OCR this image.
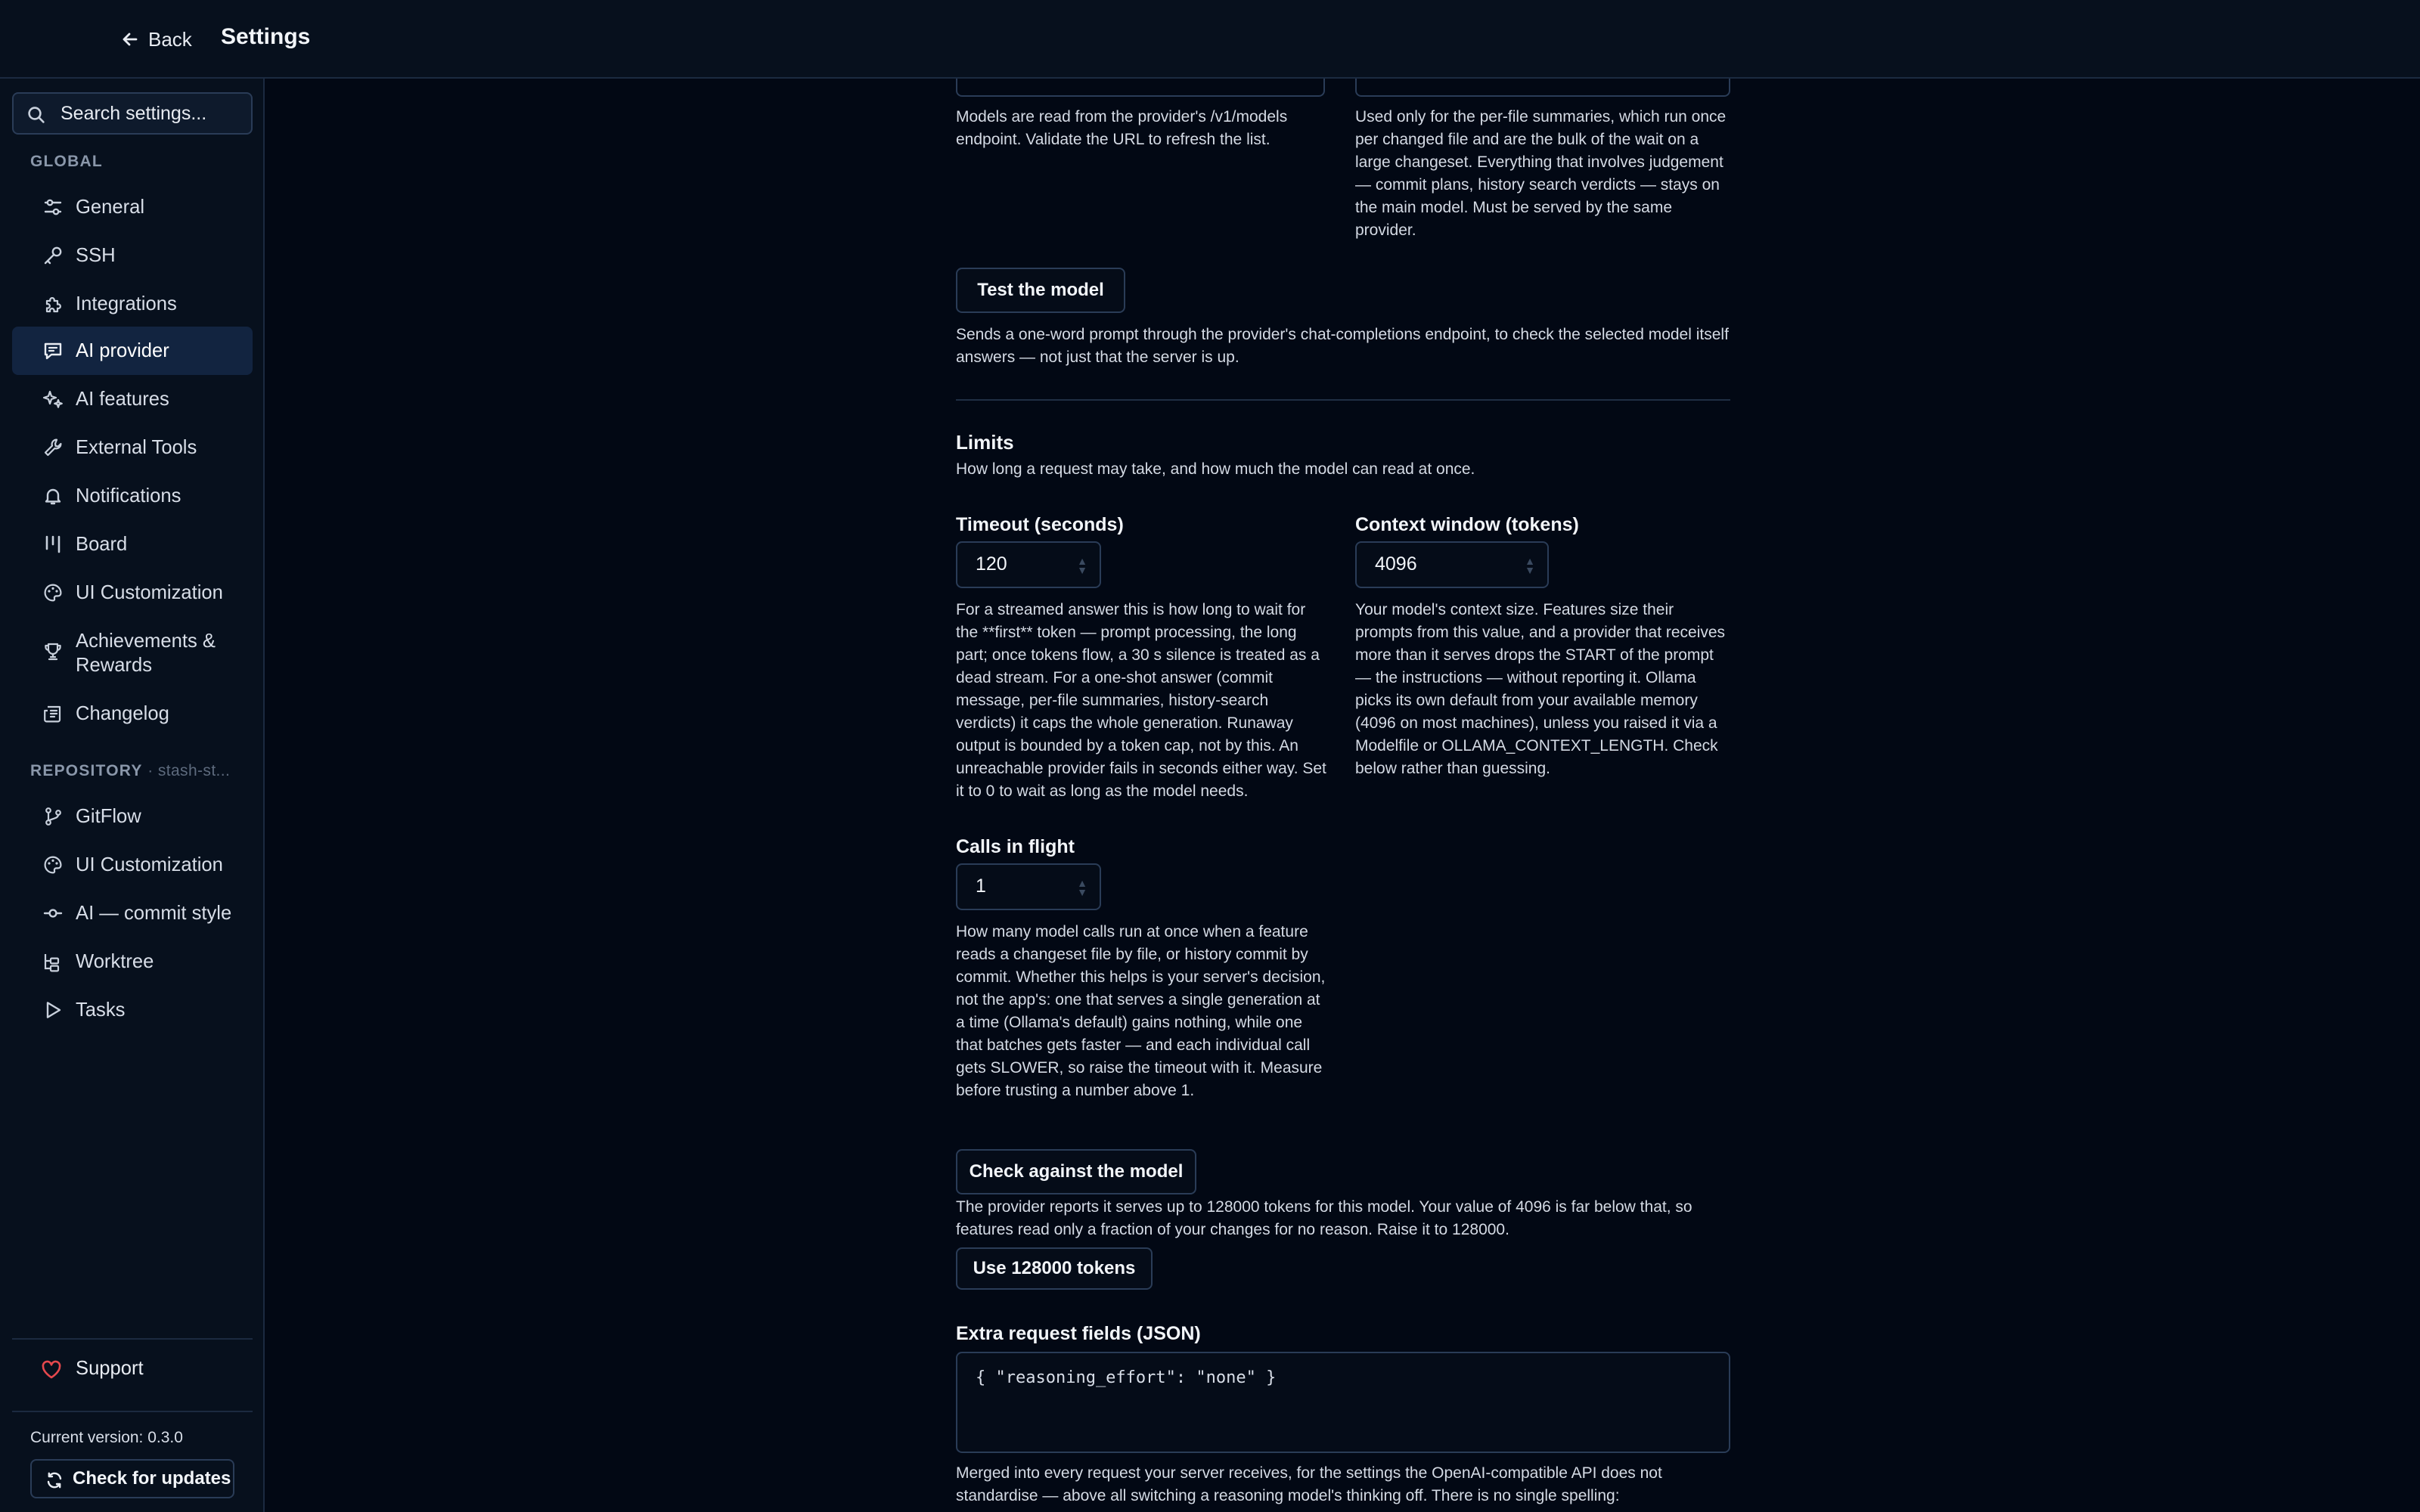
Back	Settings
Search settings...
GLOBAL
General
SSH
Integrations
AI provider
AI features
External Tools
Notifications
Board
UI Customization
Achievements & Rewards
Changelog
REPOSITORY · stash-st...
GitFlow
UI Customization
AI — commit style
Worktree
Tasks
Support
Current version: 0.3.0
Check for updates
Models are read from the provider's /v1/models endpoint. Validate the URL to refresh the list.
Used only for the per-file summaries, which run once per changed file and are the bulk of the wait on a large changeset. Everything that involves judgement — commit plans, history search verdicts — stays on the main model. Must be served by the same provider.
Test the model
Sends a one-word prompt through the provider's chat-completions endpoint, to check the selected model itself answers — not just that the server is up.
Limits
How long a request may take, and how much the model can read at once.
Timeout (seconds)
120	▲
▼
For a streamed answer this is how long to wait for the **first** token — prompt processing, the long part; once tokens flow, a 30 s silence is treated as a dead stream. For a one-shot answer (commit message, per-file summaries, history-search verdicts) it caps the whole generation. Runaway output is bounded by a token cap, not by this. An unreachable provider fails in seconds either way. Set it to 0 to wait as long as the model needs.
Context window (tokens)
4096	▲
▼
Your model's context size. Features size their prompts from this value, and a provider that receives more than it serves drops the START of the prompt — the instructions — without reporting it. Ollama picks its own default from your available memory (4096 on most machines), unless you raised it via a Modelfile or OLLAMA_CONTEXT_LENGTH. Check below rather than guessing.
Calls in flight
1	▲
▼
How many model calls run at once when a feature reads a changeset file by file, or history commit by commit. Whether this helps is your server's decision, not the app's: one that serves a single generation at a time (Ollama's default) gains nothing, while one that batches gets faster — and each individual call gets SLOWER, so raise the timeout with it. Measure before trusting a number above 1.
Check against the model
The provider reports it serves up to 128000 tokens for this model. Your value of 4096 is far below that, so features read only a fraction of your changes for no reason. Raise it to 128000.
Use 128000 tokens
Extra request fields (JSON)
{ "reasoning_effort": "none" }
Merged into every request your server receives, for the settings the OpenAI-compatible API does not standardise — above all switching a reasoning model's thinking off. There is no single spelling:
